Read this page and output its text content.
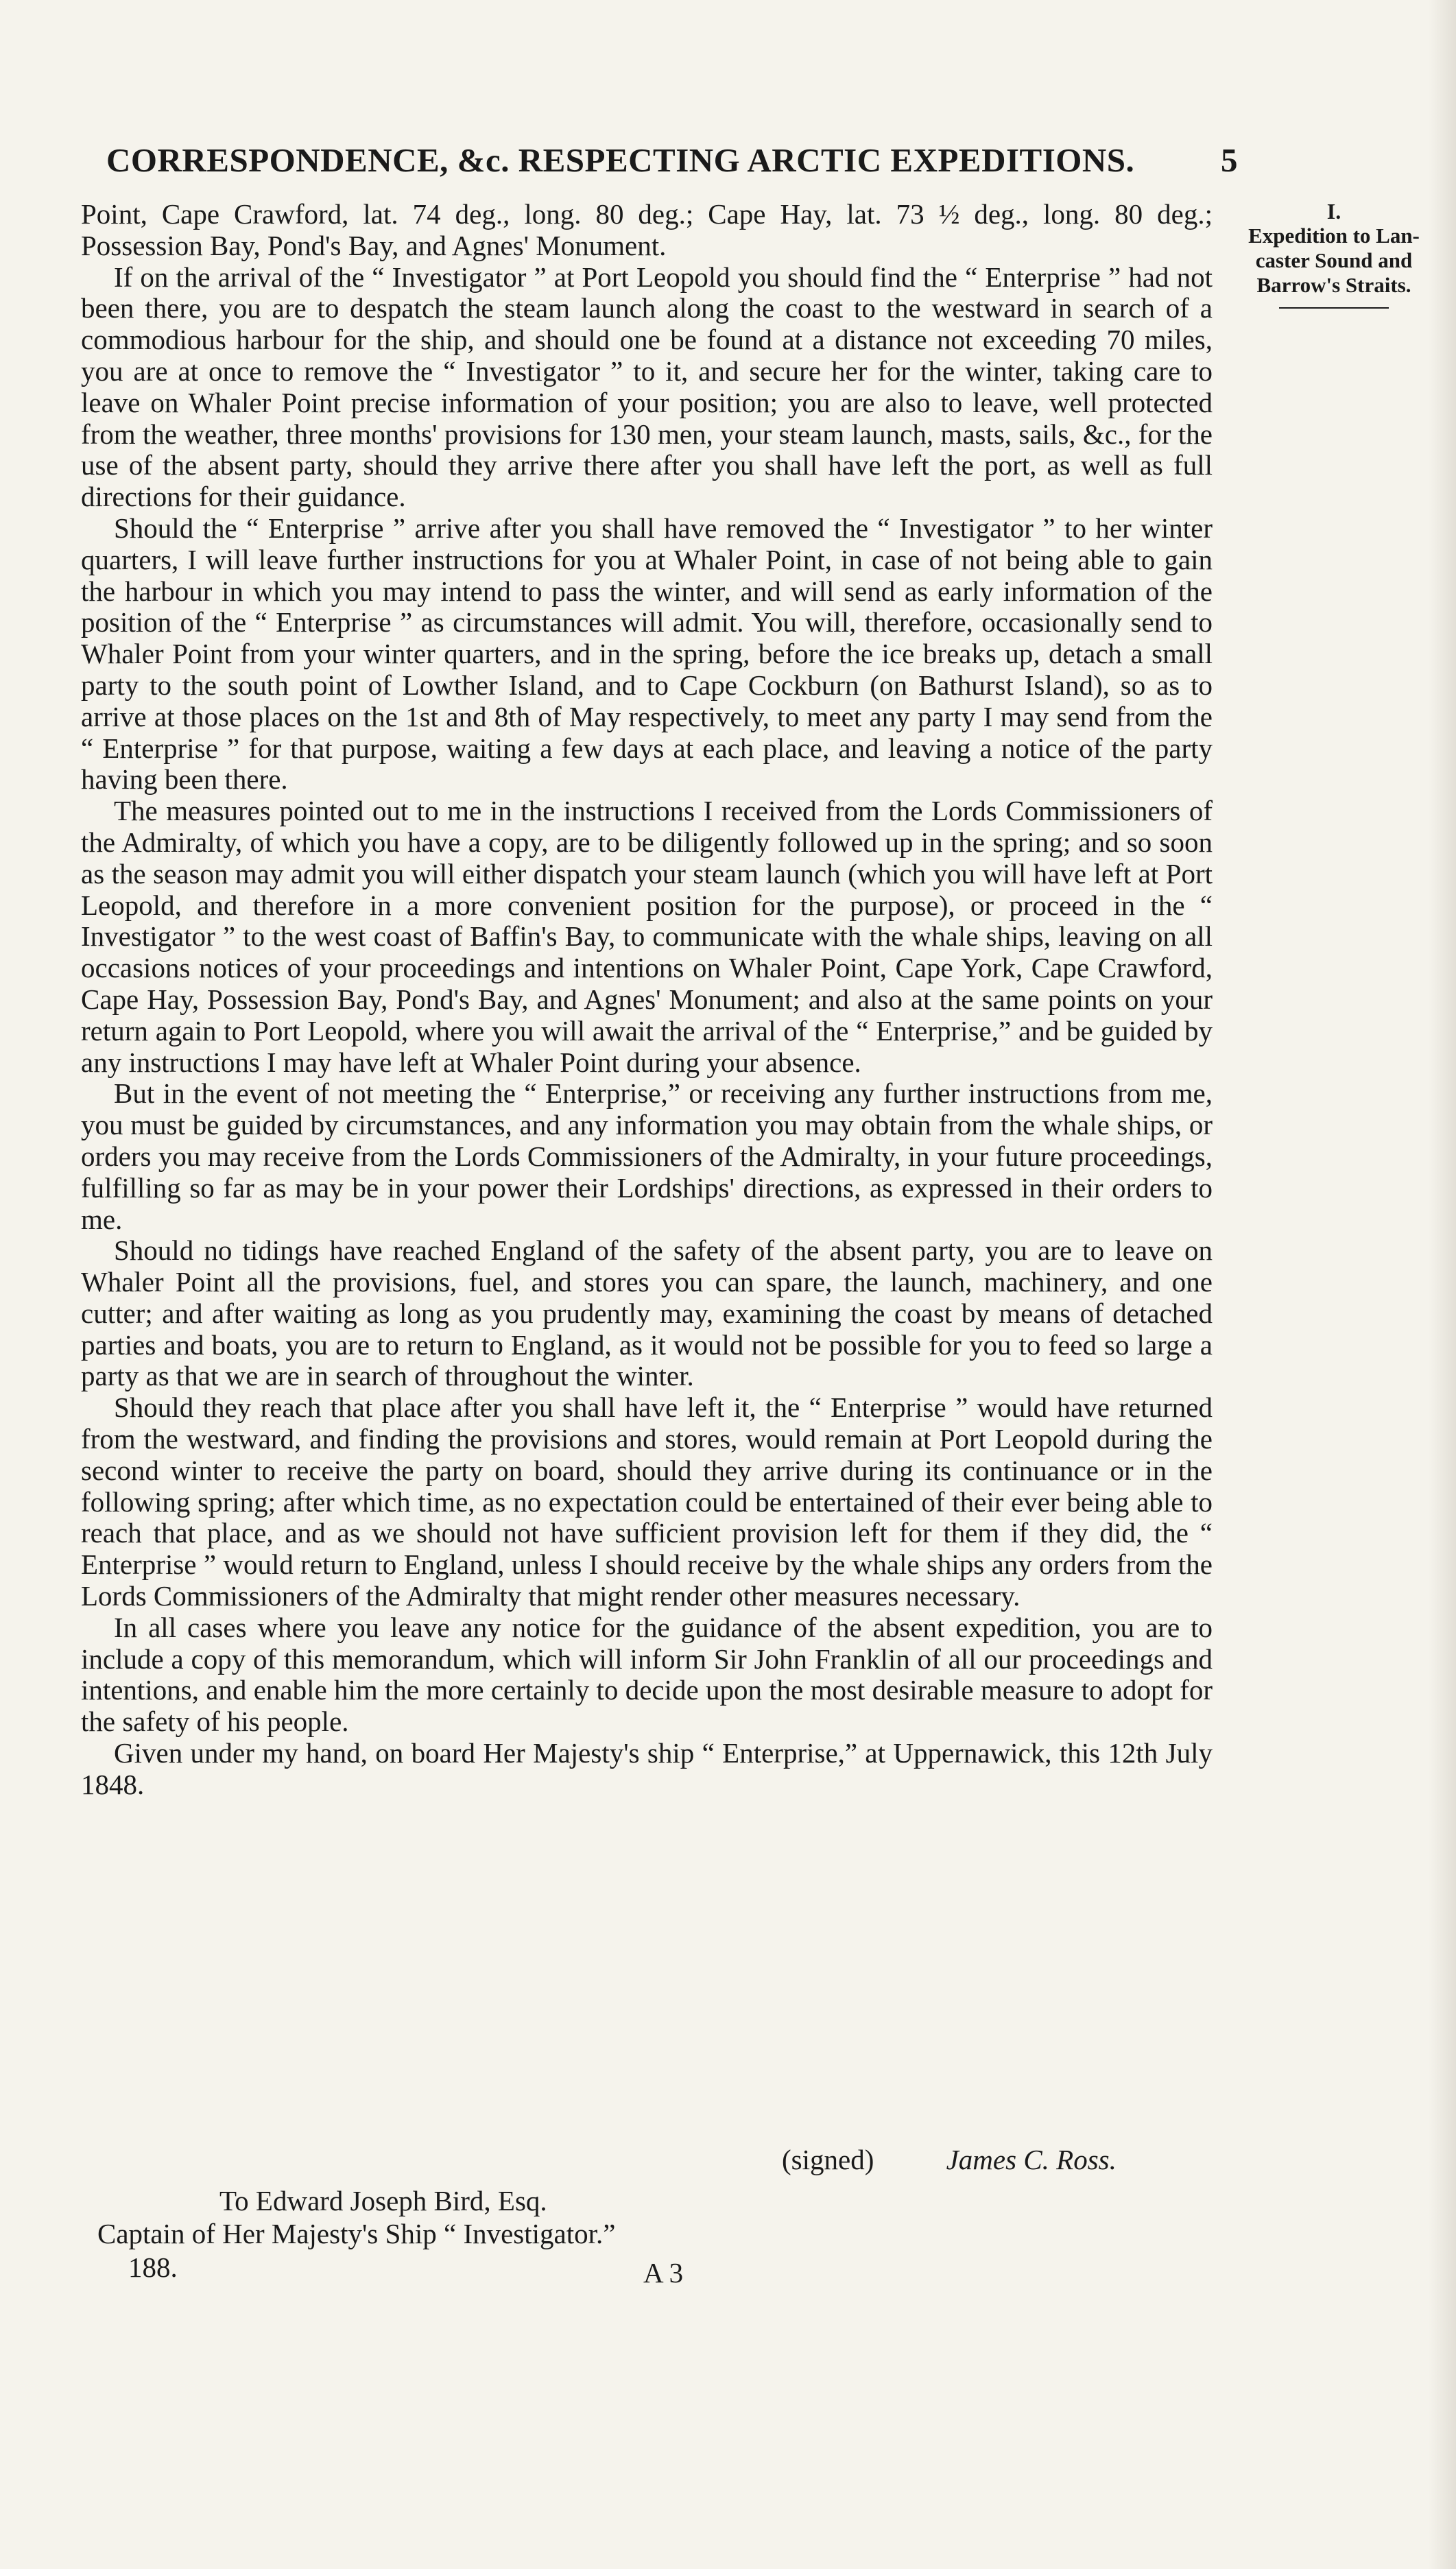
CORRESPONDENCE, &c. RESPECTING ARCTIC EXPEDITIONS.	5
I.
Expedition to Lan-
caster Sound and
Barrow's Straits.

Point, Cape Crawford, lat. 74 deg., long. 80 deg.; Cape Hay, lat. 73 ½ deg., long. 80 deg.; Possession Bay, Pond's Bay, and Agnes' Monument.

If on the arrival of the “ Investigator ” at Port Leopold you should find the “ Enterprise ” had not been there, you are to despatch the steam launch along the coast to the westward in search of a commodious harbour for the ship, and should one be found at a distance not exceeding 70 miles, you are at once to remove the “ Investigator ” to it, and secure her for the winter, taking care to leave on Whaler Point precise information of your position; you are also to leave, well protected from the weather, three months' provisions for 130 men, your steam launch, masts, sails, &c., for the use of the absent party, should they arrive there after you shall have left the port, as well as full directions for their guidance.

Should the “ Enterprise ” arrive after you shall have removed the “ Investigator ” to her winter quarters, I will leave further instructions for you at Whaler Point, in case of not being able to gain the harbour in which you may intend to pass the winter, and will send as early information of the position of the “ Enterprise ” as circumstances will admit. You will, therefore, occasionally send to Whaler Point from your winter quarters, and in the spring, before the ice breaks up, detach a small party to the south point of Lowther Island, and to Cape Cockburn (on Bathurst Island), so as to arrive at those places on the 1st and 8th of May respectively, to meet any party I may send from the “ Enterprise ” for that purpose, waiting a few days at each place, and leaving a notice of the party having been there.

The measures pointed out to me in the instructions I received from the Lords Commissioners of the Admiralty, of which you have a copy, are to be diligently followed up in the spring; and so soon as the season may admit you will either dispatch your steam launch (which you will have left at Port Leopold, and therefore in a more convenient position for the purpose), or proceed in the “ Investigator ” to the west coast of Baffin's Bay, to communicate with the whale ships, leaving on all occasions notices of your proceedings and intentions on Whaler Point, Cape York, Cape Crawford, Cape Hay, Possession Bay, Pond's Bay, and Agnes' Monument; and also at the same points on your return again to Port Leopold, where you will await the arrival of the “ Enterprise,” and be guided by any instructions I may have left at Whaler Point during your absence.

But in the event of not meeting the “ Enterprise,” or receiving any further instructions from me, you must be guided by circumstances, and any information you may obtain from the whale ships, or orders you may receive from the Lords Commissioners of the Admiralty, in your future proceedings, fulfilling so far as may be in your power their Lordships' directions, as expressed in their orders to me.

Should no tidings have reached England of the safety of the absent party, you are to leave on Whaler Point all the provisions, fuel, and stores you can spare, the launch, machinery, and one cutter; and after waiting as long as you prudently may, examining the coast by means of detached parties and boats, you are to return to England, as it would not be possible for you to feed so large a party as that we are in search of throughout the winter.

Should they reach that place after you shall have left it, the “ Enterprise ” would have returned from the westward, and finding the provisions and stores, would remain at Port Leopold during the second winter to receive the party on board, should they arrive during its continuance or in the following spring; after which time, as no expectation could be entertained of their ever being able to reach that place, and as we should not have sufficient provision left for them if they did, the “ Enterprise ” would return to England, unless I should receive by the whale ships any orders from the Lords Commissioners of the Admiralty that might render other measures necessary.

In all cases where you leave any notice for the guidance of the absent expedition, you are to include a copy of this memorandum, which will inform Sir John Franklin of all our proceedings and intentions, and enable him the more certainly to decide upon the most desirable measure to adopt for the safety of his people.

Given under my hand, on board Her Majesty's ship “ Enterprise,” at Uppernawick, this 12th July 1848.

(signed)	James C. Ross.
To Edward Joseph Bird, Esq.
Captain of Her Majesty's Ship “ Investigator.”
188.	A 3
